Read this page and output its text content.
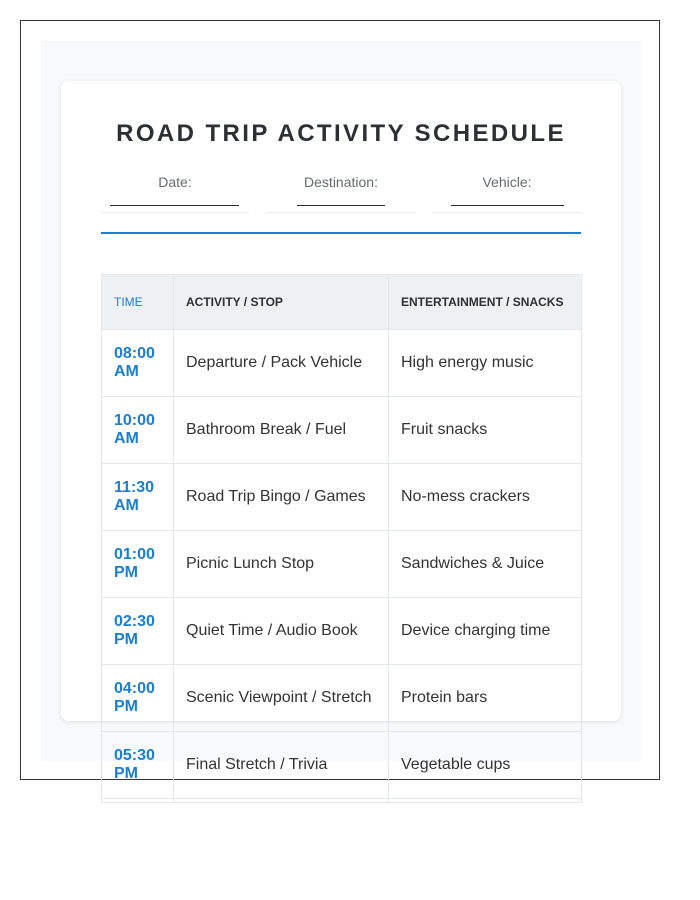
ROAD TRIP ACTIVITY SCHEDULE
Date:	Destination:	Vehicle:
TIME	ACTIVITY / STOP	ENTERTAINMENT / SNACKS
08:00 AM	Departure / Pack Vehicle	High energy music
10:00 AM	Bathroom Break / Fuel	Fruit snacks
11:30 AM	Road Trip Bingo / Games	No-mess crackers
01:00 PM	Picnic Lunch Stop	Sandwiches & Juice
02:30 PM	Quiet Time / Audio Book	Device charging time
04:00 PM	Scenic Viewpoint / Stretch	Protein bars
05:30 PM	Final Stretch / Trivia	Vegetable cups
